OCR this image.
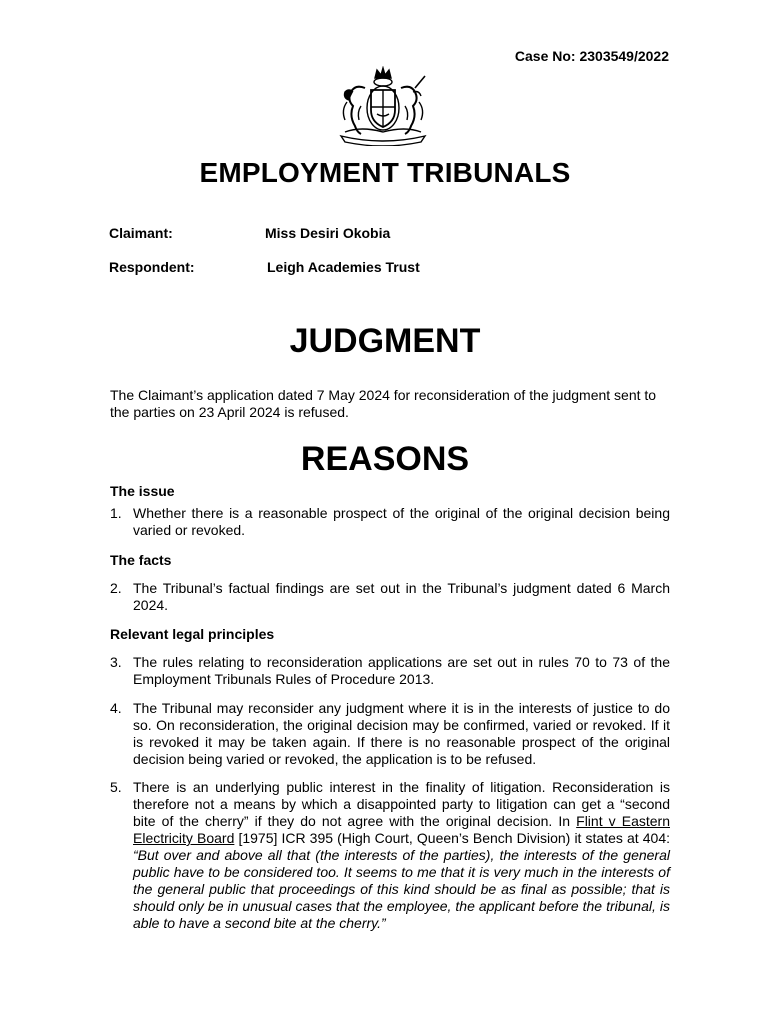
Case No: 2303549/2022
EMPLOYMENT TRIBUNALS
Claimant:	Miss Desiri Okobia
Respondent:	Leigh Academies Trust
JUDGMENT
The Claimant’s application dated 7 May 2024 for reconsideration of the judgment sent to the parties on 23 April 2024 is refused.
REASONS
The issue
1. Whether there is a reasonable prospect of the original of the original decision being varied or revoked.
The facts
2. The Tribunal’s factual findings are set out in the Tribunal’s judgment dated 6 March 2024.
Relevant legal principles
3. The rules relating to reconsideration applications are set out in rules 70 to 73 of the Employment Tribunals Rules of Procedure 2013.
4. The Tribunal may reconsider any judgment where it is in the interests of justice to do so. On reconsideration, the original decision may be confirmed, varied or revoked. If it is revoked it may be taken again. If there is no reasonable prospect of the original decision being varied or revoked, the application is to be refused.
5. There is an underlying public interest in the finality of litigation. Reconsideration is therefore not a means by which a disappointed party to litigation can get a “second bite of the cherry” if they do not agree with the original decision. In Flint v Eastern Electricity Board [1975] ICR 395 (High Court, Queen’s Bench Division) it states at 404: “But over and above all that (the interests of the parties), the interests of the general public have to be considered too. It seems to me that it is very much in the interests of the general public that proceedings of this kind should be as final as possible; that is should only be in unusual cases that the employee, the applicant before the tribunal, is able to have a second bite at the cherry.”
